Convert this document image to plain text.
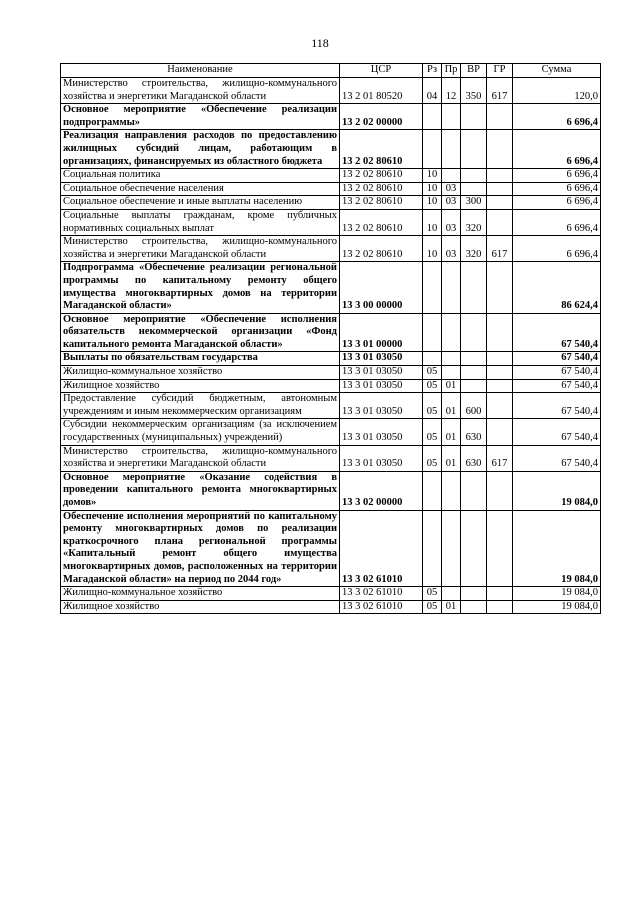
118
Наименование	ЦСР	Рз	Пр	ВР	ГР	Сумма
Министерство строительства, жилищно-коммунального хозяйства и энергетики Магаданской области	13 2 01 80520	04	12	350	617	120,0
Основное мероприятие «Обеспечение реализации подпрограммы»	13 2 02 00000					6 696,4
Реализация направления расходов по предоставлению жилищных субсидий лицам, работающим в организациях, финансируемых из областного бюджета	13 2 02 80610					6 696,4
Социальная политика	13 2 02 80610	10				6 696,4
Социальное обеспечение населения	13 2 02 80610	10	03			6 696,4
Социальное обеспечение и иные выплаты населению	13 2 02 80610	10	03	300		6 696,4
Социальные выплаты гражданам, кроме публичных нормативных социальных выплат	13 2 02 80610	10	03	320		6 696,4
Министерство строительства, жилищно-коммунального хозяйства и энергетики Магаданской области	13 2 02 80610	10	03	320	617	6 696,4
Подпрограмма «Обеспечение реализации региональной программы по капитальному ремонту общего имущества многоквартирных домов на территории Магаданской области»	13 3 00 00000					86 624,4
Основное мероприятие «Обеспечение исполнения обязательств некоммерческой организации «Фонд капитального ремонта Магаданской области»	13 3 01 00000					67 540,4
Выплаты по обязательствам государства	13 3 01 03050					67 540,4
Жилищно-коммунальное хозяйство	13 3 01 03050	05				67 540,4
Жилищное хозяйство	13 3 01 03050	05	01			67 540,4
Предоставление субсидий бюджетным, автономным учреждениям и иным некоммерческим организациям	13 3 01 03050	05	01	600		67 540,4
Субсидии некоммерческим организациям (за исключением государственных (муниципальных) учреждений)	13 3 01 03050	05	01	630		67 540,4
Министерство строительства, жилищно-коммунального хозяйства и энергетики Магаданской области	13 3 01 03050	05	01	630	617	67 540,4
Основное мероприятие «Оказание содействия в проведении капитального ремонта многоквартирных домов»	13 3 02 00000					19 084,0
Обеспечение исполнения мероприятий по капитальному ремонту многоквартирных домов по реализации краткосрочного плана региональной программы «Капитальный ремонт общего имущества многоквартирных домов, расположенных на территории Магаданской области» на период по 2044 год»	13 3 02 61010					19 084,0
Жилищно-коммунальное хозяйство	13 3 02 61010	05				19 084,0
Жилищное хозяйство	13 3 02 61010	05	01			19 084,0
